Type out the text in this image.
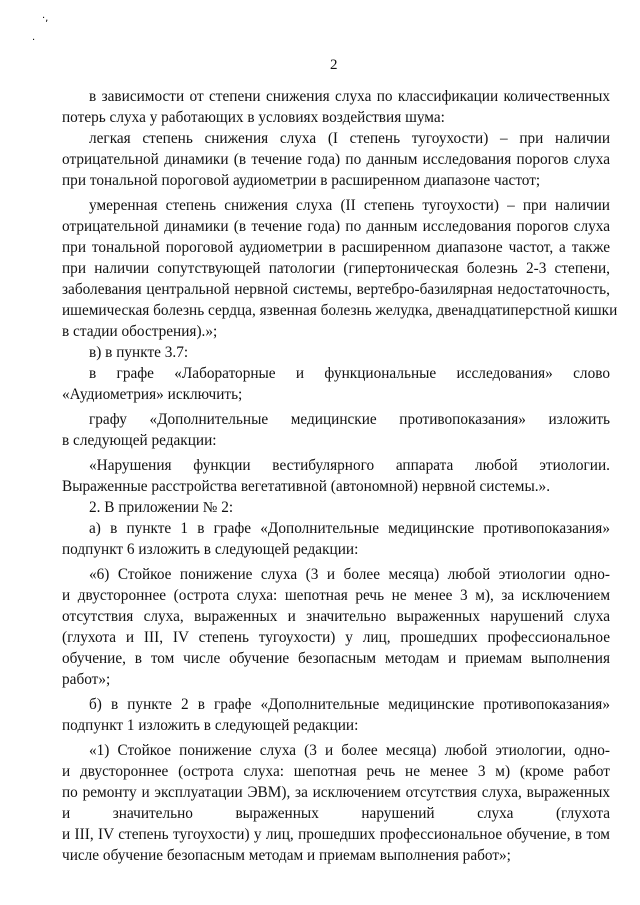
·,
·
2
в зависимости от степени снижения слуха по классификации количественных
потерь слуха у работающих в условиях воздействия шума:
легкая степень снижения слуха (I степень тугоухости) – при наличии
отрицательной динамики (в течение года) по данным исследования порогов слуха
при тональной пороговой аудиометрии в расширенном диапазоне частот;
умеренная степень снижения слуха (II степень тугоухости) – при наличии
отрицательной динамики (в течение года) по данным исследования порогов слуха
при тональной пороговой аудиометрии в расширенном диапазоне частот, а также
при наличии сопутствующей патологии (гипертоническая болезнь 2-3 степени,
заболевания центральной нервной системы, вертебро-базилярная недостаточность,
ишемическая болезнь сердца, язвенная болезнь желудка, двенадцатиперстной кишки
в стадии обострения).»;
в) в пункте 3.7:
в графе «Лабораторные и функциональные исследования» слово
«Аудиометрия» исключить;
графу «Дополнительные медицинские противопоказания» изложить
в следующей редакции:
«Нарушения функции вестибулярного аппарата любой этиологии.
Выраженные расстройства вегетативной (автономной) нервной системы.».
2. В приложении № 2:
а) в пункте 1 в графе «Дополнительные медицинские противопоказания»
подпункт 6 изложить в следующей редакции:
«6) Стойкое понижение слуха (3 и более месяца) любой этиологии одно-
и двустороннее (острота слуха: шепотная речь не менее 3 м), за исключением
отсутствия слуха, выраженных и значительно выраженных нарушений слуха
(глухота и III, IV степень тугоухости) у лиц, прошедших профессиональное
обучение, в том числе обучение безопасным методам и приемам выполнения
работ»;
б) в пункте 2 в графе «Дополнительные медицинские противопоказания»
подпункт 1 изложить в следующей редакции:
«1) Стойкое понижение слуха (3 и более месяца) любой этиологии, одно-
и двустороннее (острота слуха: шепотная речь не менее 3 м) (кроме работ
по ремонту и эксплуатации ЭВМ), за исключением отсутствия слуха, выраженных
и значительно выраженных нарушений слуха (глухота
и III, IV степень тугоухости) у лиц, прошедших профессиональное обучение, в том
числе обучение безопасным методам и приемам выполнения работ»;
